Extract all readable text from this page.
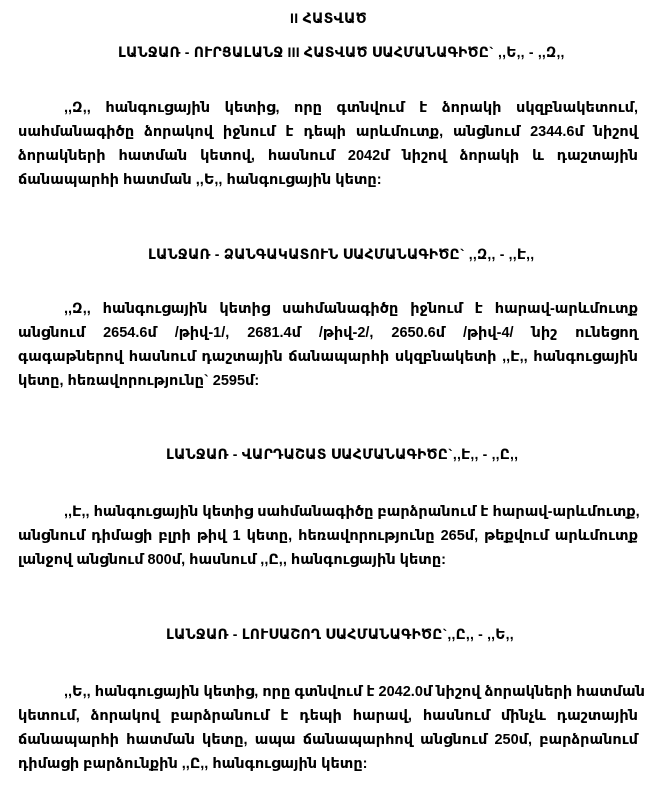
II ՀԱՏՎԱԾ
ԼԱՆՋԱՌ - ՈՒՐՑԱԼԱՆՋ III ՀԱՏՎԱԾ ՍԱՀՄԱՆԱԳԻԾԸ` ,,Ե,, - ,,Զ,,
,,Զ,, հանգուցային կետից, որը գտնվում է ձորակի սկզբնակետում,
սահմանագիծը ձորակով իջնում է դեպի արևմուտք, անցնում 2344.6մ նիշով
ձորակների հատման կետով, հասնում 2042մ նիշով ձորակի և դաշտային
ճանապարհի հատման ,,Ե,, հանգուցային կետը:
ԼԱՆՋԱՌ - ՁԱՆԳԱԿԱՏՈՒՆ ՍԱՀՄԱՆԱԳԻԾԸ` ,,Զ,, - ,,Է,,
,,Զ,, հանգուցային կետից սահմանագիծը իջնում է հարավ-արևմուտք
անցնում 2654.6մ /թիվ-1/, 2681.4մ /թիվ-2/, 2650.6մ /թիվ-4/ նիշ ունեցող
գագաթներով հասնում դաշտային ճանապարհի սկզբնակետի ,,Է,, հանգուցային
կետը, հեռավորությունը` 2595մ:
ԼԱՆՋԱՌ - ՎԱՐԴԱՇԱՏ ՍԱՀՄԱՆԱԳԻԾԸ`,,Է,, - ,,Ը,,
,,Է,, հանգուցային կետից սահմանագիծը բարձրանում է հարավ-արևմուտք,
անցնում դիմացի բլրի թիվ 1 կետը, հեռավորությունը 265մ, թեքվում արևմուտք
լանջով անցնում 800մ, հասնում ,,Ը,, հանգուցային կետը:
ԼԱՆՋԱՌ - ԼՈՒՍԱՇՈՂ ՍԱՀՄԱՆԱԳԻԾԸ`,,Ը,, - ,,Ե,,
,,Ե,, հանգուցային կետից, որը գտնվում է 2042.0մ նիշով ձորակների հատման
կետում, ձորակով բարձրանում է դեպի հարավ, հասնում մինչև դաշտային
ճանապարհի հատման կետը, ապա ճանապարհով անցնում 250մ, բարձրանում
դիմացի բարձունքին ,,Ը,, հանգուցային կետը:
